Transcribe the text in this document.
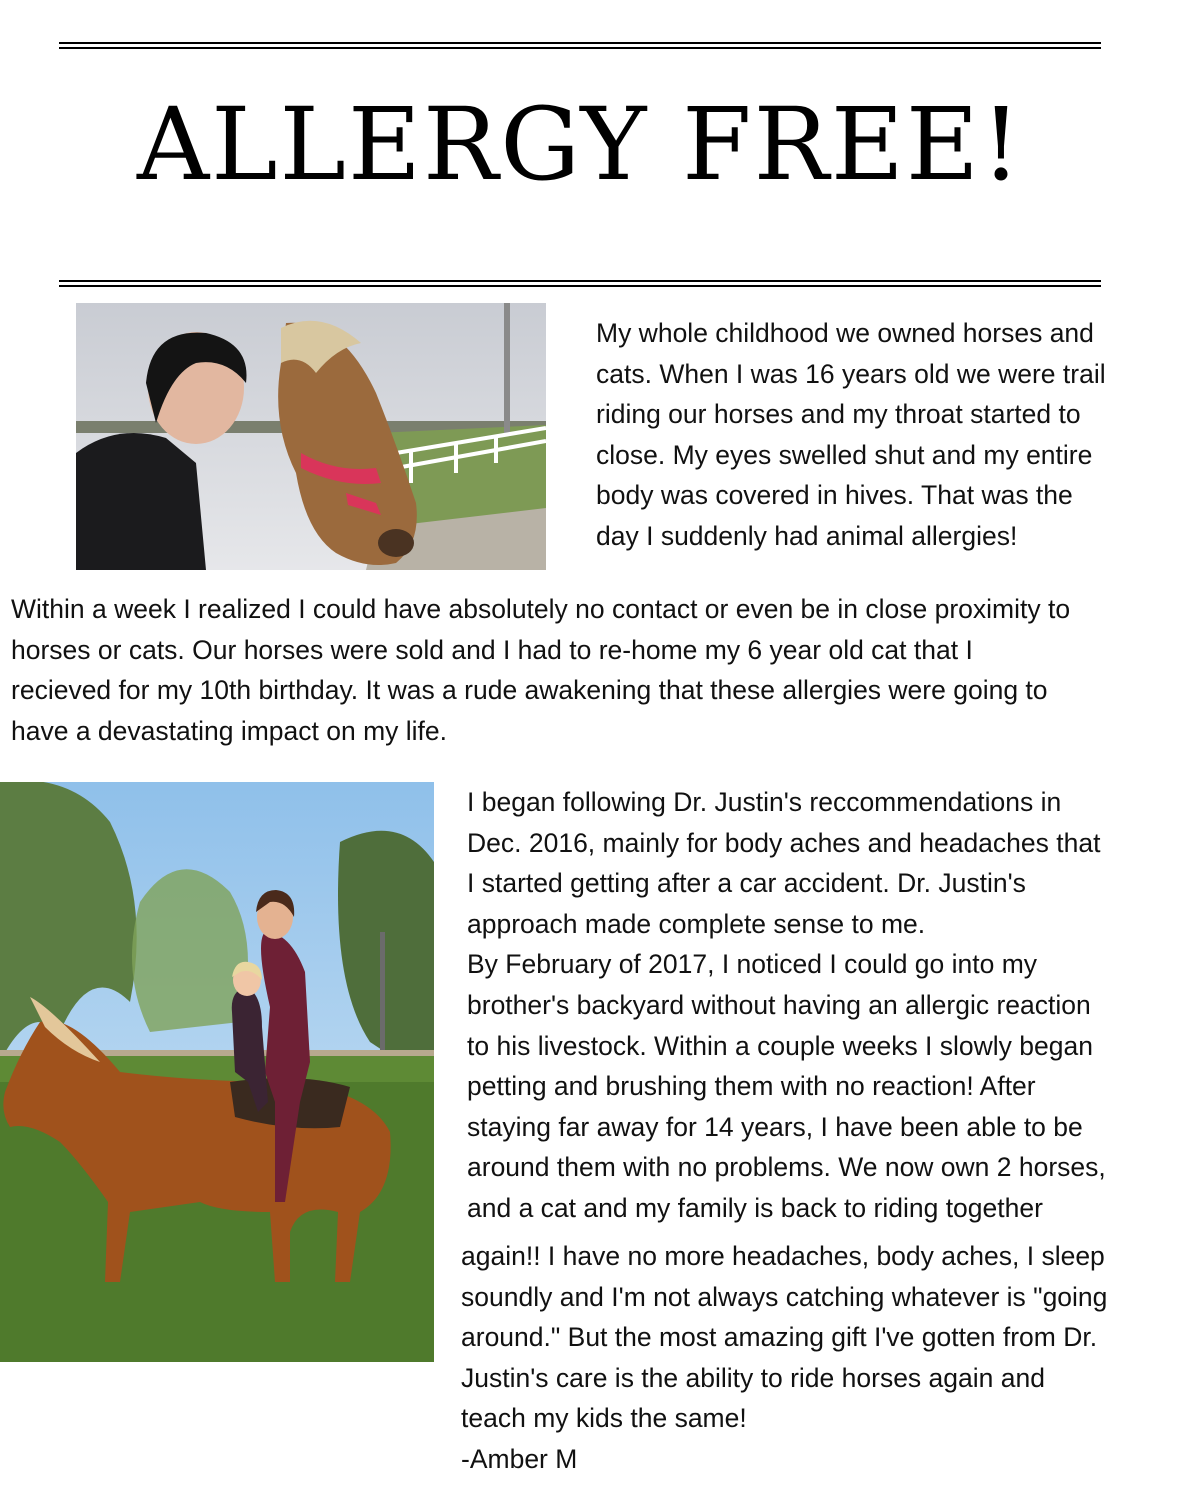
ALLERGY FREE!

My whole childhood we owned horses and
cats. When I was 16 years old we were trail
riding our horses and my throat started to
close. My eyes swelled shut and my entire
body was covered in hives. That was the
day I suddenly had animal allergies!

Within a week I realized I could have absolutely no contact or even be in close proximity to
horses or cats. Our horses were sold and I had to re-home my 6 year old cat that I
recieved for my 10th birthday. It was a rude awakening that these allergies were going to
have a devastating impact on my life.

I began following Dr. Justin's reccommendations in
Dec. 2016, mainly for body aches and headaches that
I started getting after a car accident. Dr. Justin's
approach made complete sense to me.
By February of 2017, I noticed I could go into my
brother's backyard without having an allergic reaction
to his livestock. Within a couple weeks I slowly began
petting and brushing them with no reaction! After
staying far away for 14 years, I have been able to be
around them with no problems. We now own 2 horses,
and a cat and my family is back to riding together

again!! I have no more headaches, body aches, I sleep
soundly and I'm not always catching whatever is "going
around." But the most amazing gift I've gotten from Dr.
Justin's care is the ability to ride horses again and
teach my kids the same!
-Amber M
